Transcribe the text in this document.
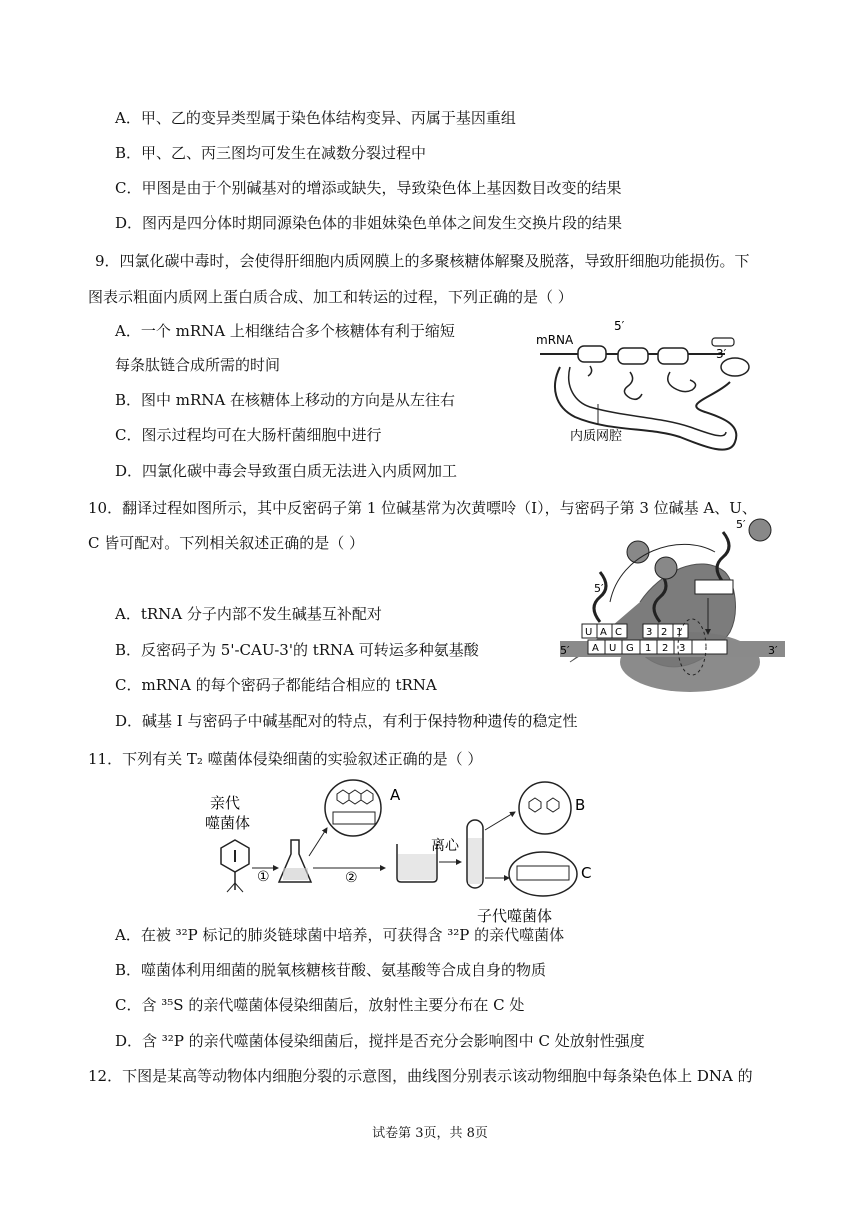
A．甲、乙的变异类型属于染色体结构变异、丙属于基因重组
B．甲、乙、丙三图均可发生在减数分裂过程中
C．甲图是由于个别碱基对的增添或缺失，导致染色体上基因数目改变的结果
D．图丙是四分体时期同源染色体的非姐妹染色单体之间发生交换片段的结果
9．四氯化碳中毒时，会使得肝细胞内质网膜上的多聚核糖体解聚及脱落，导致肝细胞功能损伤。下
图表示粗面内质网上蛋白质合成、加工和转运的过程，下列正确的是（ ）
A．一个 mRNA 上相继结合多个核糖体有利于缩短
每条肽链合成所需的时间
B．图中 mRNA 在核糖体上移动的方向是从左往右
C．图示过程均可在大肠杆菌细胞中进行
D．四氯化碳中毒会导致蛋白质无法进入内质网加工
mRNA
5′
3′
内质网腔
10．翻译过程如图所示，其中反密码子第 1 位碱基常为次黄嘌呤（I），与密码子第 3 位碱基 A、U、
C 皆可配对。下列相关叙述正确的是（ ）
A．tRNA 分子内部不发生碱基互补配对
B．反密码子为 5'-CAU-3'的 tRNA 可转运多种氨基酸
C．mRNA 的每个密码子都能结合相应的 tRNA
D．碱基 I 与密码子中碱基配对的特点，有利于保持物种遗传的稳定性
A U G 1 2 3
U A C 3 2 1
5′	3′
5′
5′
11．下列有关 T₂ 噬菌体侵染细菌的实验叙述正确的是（ ）
亲代
噬菌体
①	②
A
离心
B
C
子代噬菌体
A．在被 ³²P 标记的肺炎链球菌中培养，可获得含 ³²P 的亲代噬菌体
B．噬菌体利用细菌的脱氧核糖核苷酸、氨基酸等合成自身的物质
C．含 ³⁵S 的亲代噬菌体侵染细菌后，放射性主要分布在 C 处
D．含 ³²P 的亲代噬菌体侵染细菌后，搅拌是否充分会影响图中 C 处放射性强度
12．下图是某高等动物体内细胞分裂的示意图，曲线图分别表示该动物细胞中每条染色体上 DNA 的
试卷第 3页，共 8页
